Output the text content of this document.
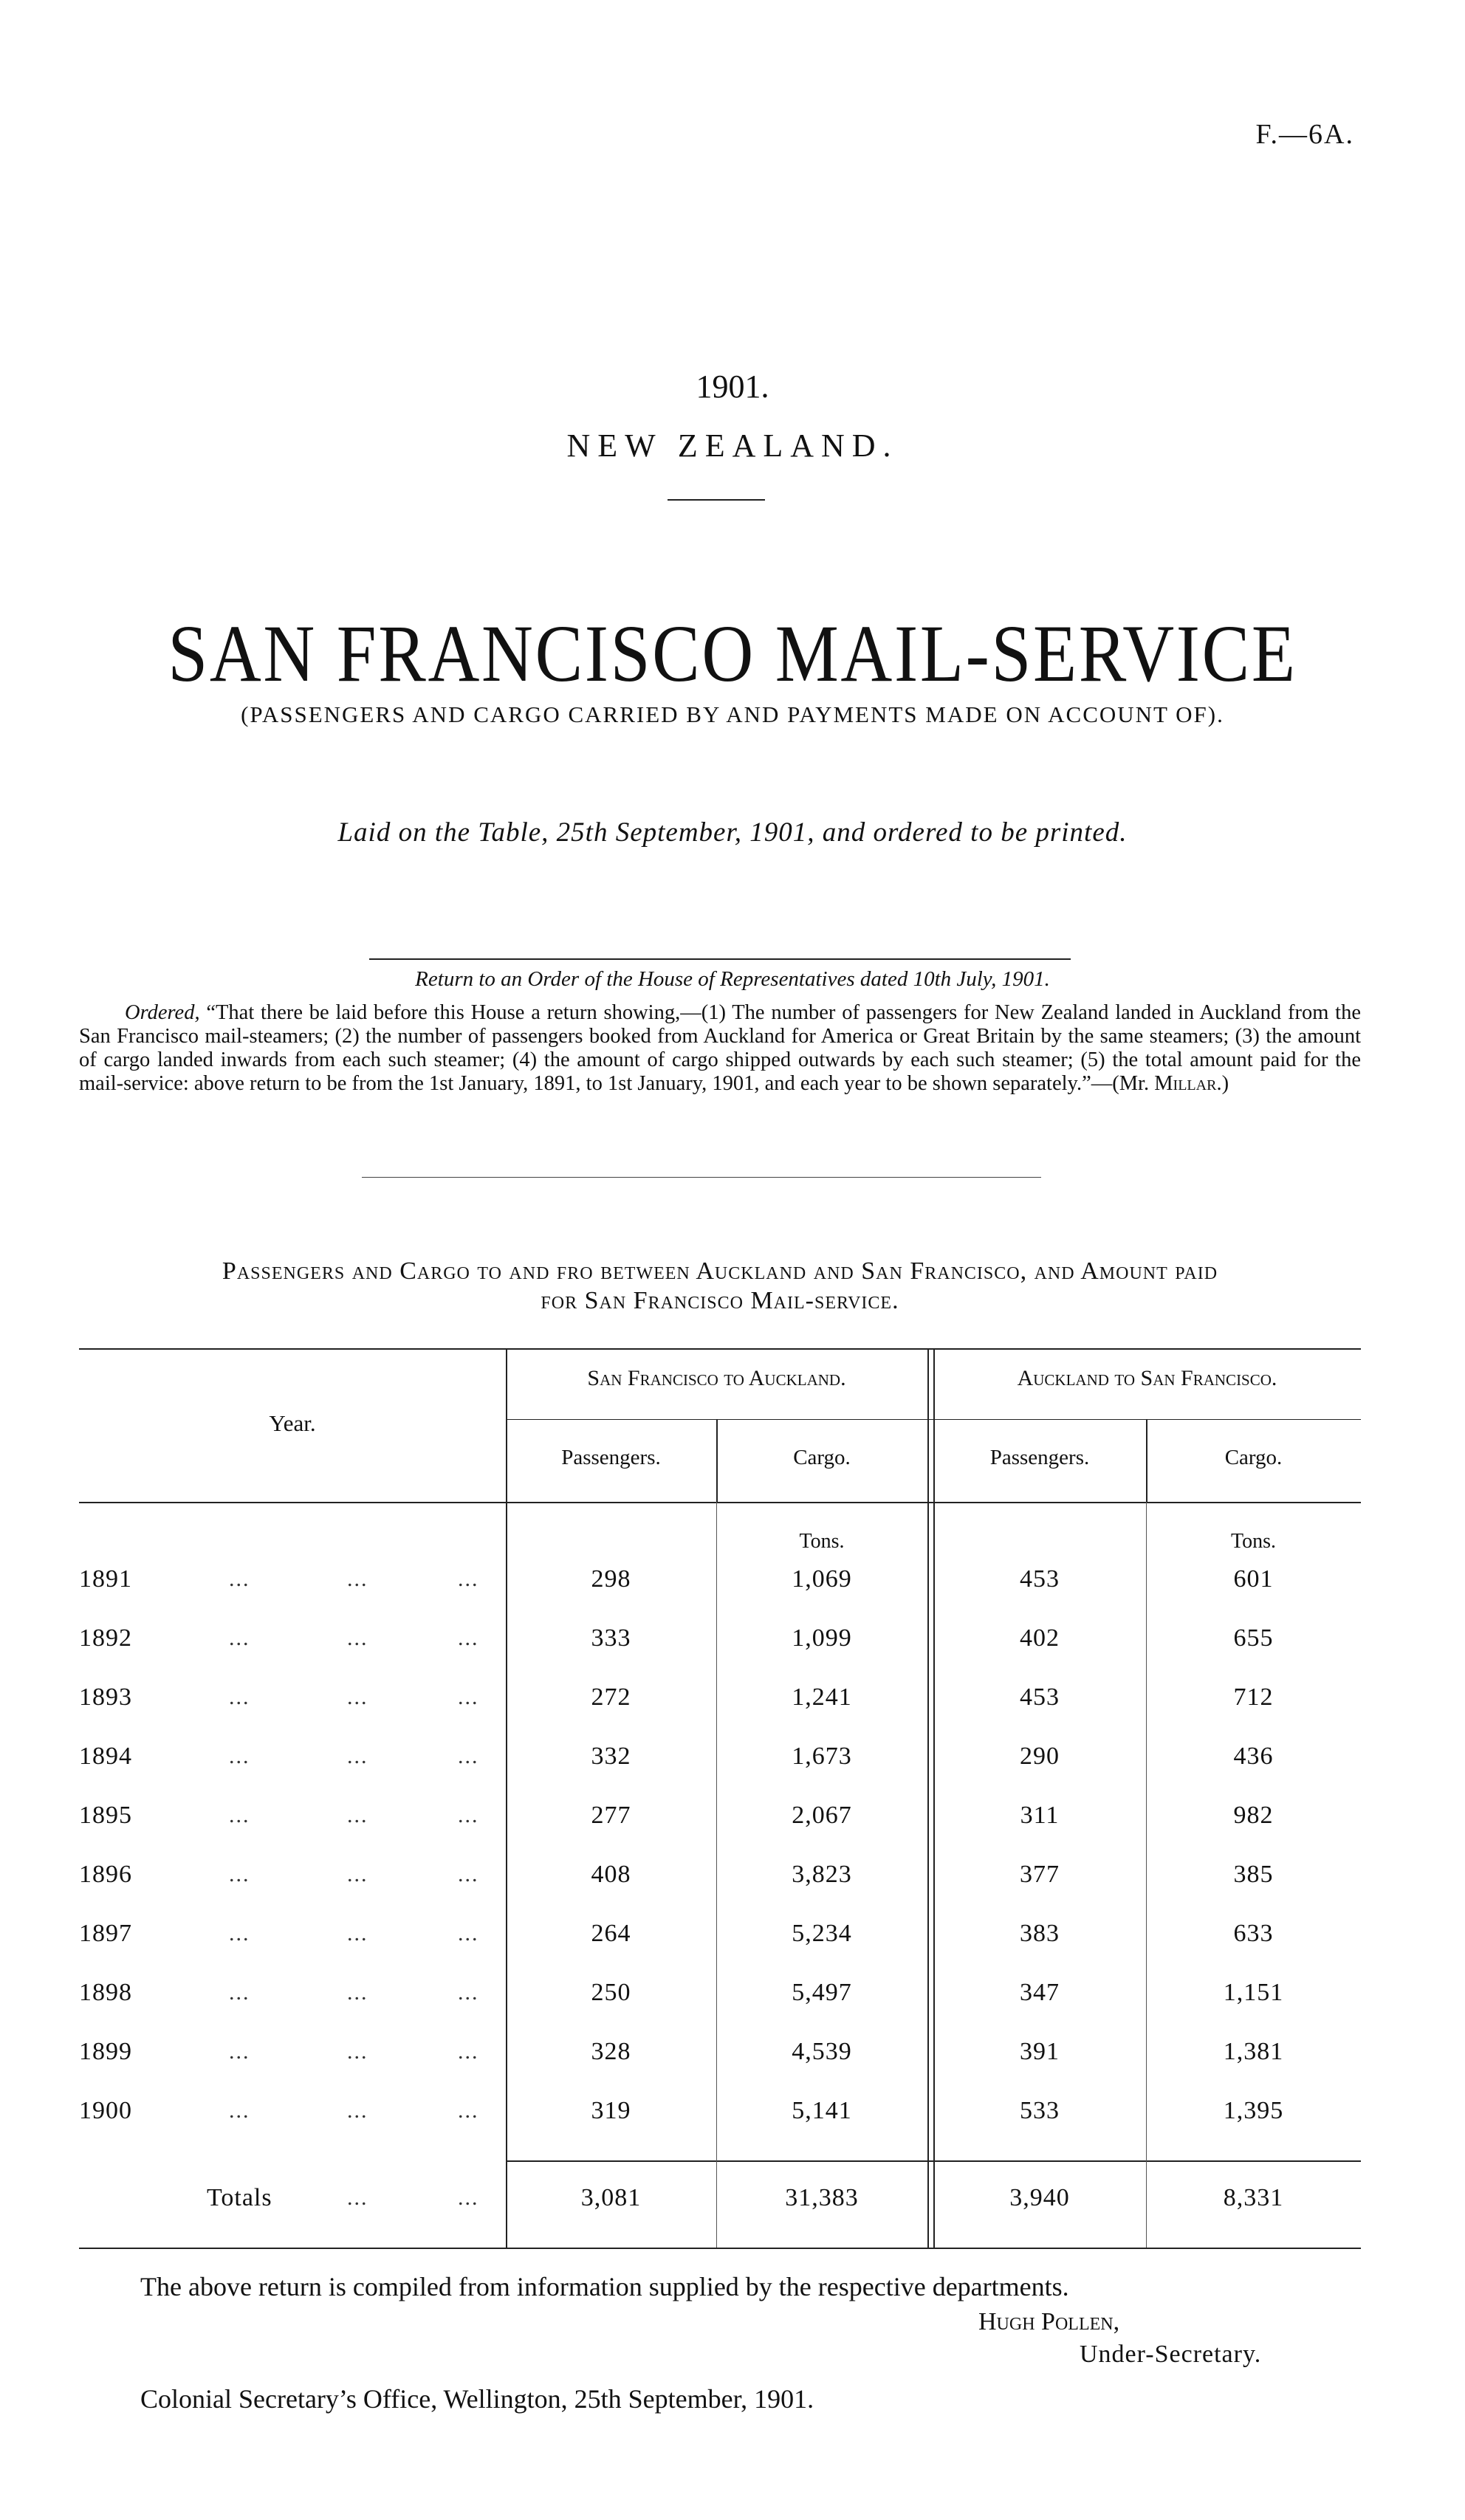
F.—6A.
1901.
NEW ZEALAND.
SAN FRANCISCO MAIL-SERVICE
(PASSENGERS AND CARGO CARRIED BY AND PAYMENTS MADE ON ACCOUNT OF).
Laid on the Table, 25th September, 1901, and ordered to be printed.
Return to an Order of the House of Representatives dated 10th July, 1901.
Ordered, “That there be laid before this House a return showing,—(1) The number of passengers for New Zealand landed in Auckland from the San Francisco mail-steamers; (2) the number of passengers booked from Auckland for America or Great Britain by the same steamers; (3) the amount of cargo landed inwards from each such steamer; (4) the amount of cargo shipped outwards by each such steamer; (5) the total amount paid for the mail-service: above return to be from the 1st January, 1891, to 1st January, 1901, and each year to be shown separately.”—(Mr. Millar.)
Passengers and Cargo to and fro between Auckland and San Francisco, and Amount paid
for San Francisco Mail-service.
Year.
San Francisco to Auckland.	Auckland to San Francisco.
Passengers.	Cargo.	Passengers.	Cargo.
Tons.	Tons.
1891	...	...	...	298	1,069	453	601
1892	...	...	...	333	1,099	402	655
1893	...	...	...	272	1,241	453	712
1894	...	...	...	332	1,673	290	436
1895	...	...	...	277	2,067	311	982
1896	...	...	...	408	3,823	377	385
1897	...	...	...	264	5,234	383	633
1898	...	...	...	250	5,497	347	1,151
1899	...	...	...	328	4,539	391	1,381
1900	...	...	...	319	5,141	533	1,395
Totals	...	...	3,081	31,383	3,940	8,331
The above return is compiled from information supplied by the respective departments.
Hugh Pollen,
Under-Secretary.
Colonial Secretary’s Office, Wellington, 25th September, 1901.
